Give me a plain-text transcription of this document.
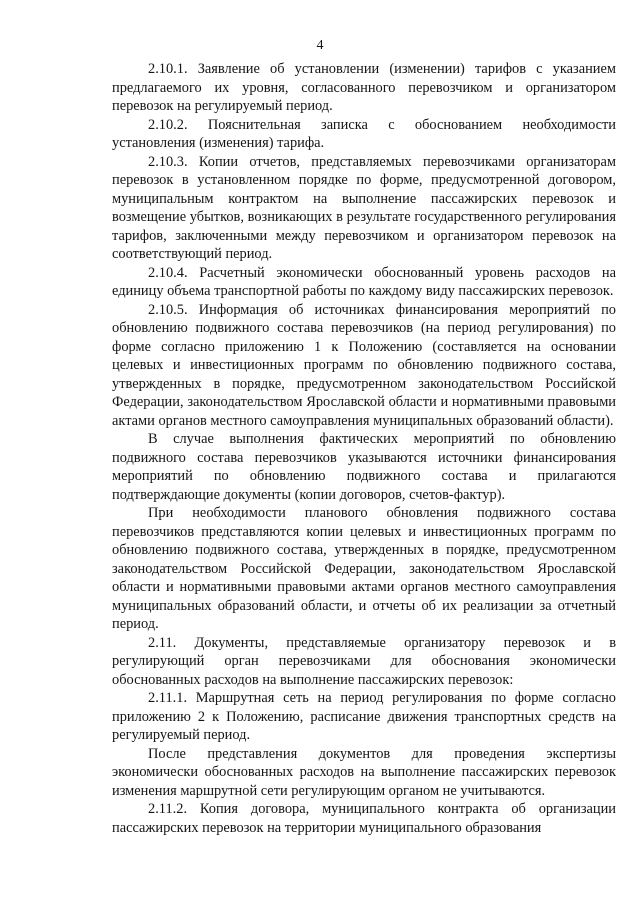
4

2.10.1. Заявление об установлении (изменении) тарифов с указанием предлагаемого их уровня, согласованного перевозчиком и организатором перевозок на регулируемый период.

2.10.2. Пояснительная записка с обоснованием необходимости установления (изменения) тарифа.

2.10.3. Копии отчетов, представляемых перевозчиками организаторам перевозок в установленном порядке по форме, предусмотренной договором, муниципальным контрактом на выполнение пассажирских перевозок и возмещение убытков, возникающих в результате государственного регулирования тарифов, заключенными между перевозчиком и организатором перевозок на соответствующий период.

2.10.4. Расчетный экономически обоснованный уровень расходов на единицу объема транспортной работы по каждому виду пассажирских перевозок.

2.10.5. Информация об источниках финансирования мероприятий по обновлению подвижного состава перевозчиков (на период регулирования) по форме согласно приложению 1 к Положению (составляется на основании целевых и инвестиционных программ по обновлению подвижного состава, утвержденных в порядке, предусмотренном законодательством Российской Федерации, законодательством Ярославской области и нормативными правовыми актами органов местного самоуправления муниципальных образований области).

В случае выполнения фактических мероприятий по обновлению подвижного состава перевозчиков указываются источники финансирования мероприятий по обновлению подвижного состава и прилагаются подтверждающие документы (копии договоров, счетов-фактур).

При необходимости планового обновления подвижного состава перевозчиков представляются копии целевых и инвестиционных программ по обновлению подвижного состава, утвержденных в порядке, предусмотренном законодательством Российской Федерации, законодательством Ярославской области и нормативными правовыми актами органов местного самоуправления муниципальных образований области, и отчеты об их реализации за отчетный период.

2.11. Документы, представляемые организатору перевозок и в регулирующий орган перевозчиками для обоснования экономически обоснованных расходов на выполнение пассажирских перевозок:

2.11.1. Маршрутная сеть на период регулирования по форме согласно приложению 2 к Положению, расписание движения транспортных средств на регулируемый период.

После представления документов для проведения экспертизы экономически обоснованных расходов на выполнение пассажирских перевозок изменения маршрутной сети регулирующим органом не учитываются.

2.11.2. Копия договора, муниципального контракта об организации пассажирских перевозок на территории муниципального образования
